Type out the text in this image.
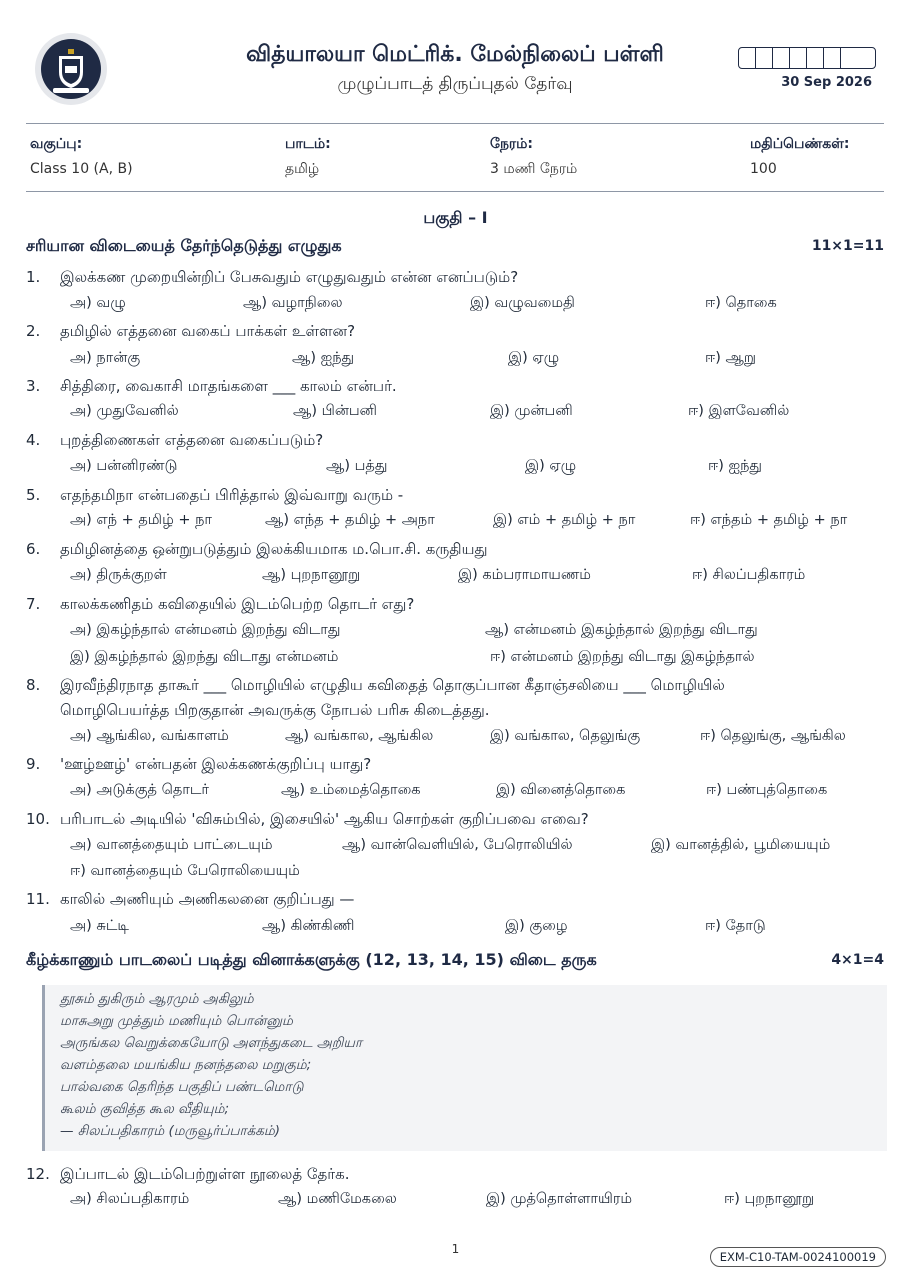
வித்யாலயா மெட்ரிக். மேல்நிலைப் பள்ளி
முழுப்பாடத் திருப்புதல் தேர்வு	30 Sep 2026
வகுப்பு:
Class 10 (A, B)
பாடம்:
தமிழ்
நேரம்:
3 மணி நேரம்
மதிப்பெண்கள்:
100
பகுதி – I
சரியான விடையைத் தேர்ந்தெடுத்து எழுதுக	11×1=11
1. இலக்கண முறையின்றிப் பேசுவதும் எழுதுவதும் என்ன எனப்படும்?
அ) வழு	ஆ) வழாநிலை	இ) வழுவமைதி	ஈ) தொகை
2. தமிழில் எத்தனை வகைப் பாக்கள் உள்ளன?
அ) நான்கு	ஆ) ஐந்து	இ) ஏழு	ஈ) ஆறு
3. சித்திரை, வைகாசி மாதங்களை ___ காலம் என்பர்.
அ) முதுவேனில்	ஆ) பின்பனி	இ) முன்பனி	ஈ) இளவேனில்
4. புறத்திணைகள் எத்தனை வகைப்படும்?
அ) பன்னிரண்டு	ஆ) பத்து	இ) ஏழு	ஈ) ஐந்து
5. எதந்தமிநா என்பதைப் பிரித்தால் இவ்வாறு வரும் -
அ) எந் + தமிழ் + நா	ஆ) எந்த + தமிழ் + அநா	இ) எம் + தமிழ் + நா	ஈ) எந்தம் + தமிழ் + நா
6. தமிழினத்தை ஒன்றுபடுத்தும் இலக்கியமாக ம.பொ.சி. கருதியது
அ) திருக்குறள்	ஆ) புறநானூறு	இ) கம்பராமாயணம்	ஈ) சிலப்பதிகாரம்
7. காலக்கணிதம் கவிதையில் இடம்பெற்ற தொடர் எது?
அ) இகழ்ந்தால் என்மனம் இறந்து விடாது	ஆ) என்மனம் இகழ்ந்தால் இறந்து விடாது
இ) இகழ்ந்தால் இறந்து விடாது என்மனம்	ஈ) என்மனம் இறந்து விடாது இகழ்ந்தால்
8. இரவீந்திரநாத தாகூர் ___ மொழியில் எழுதிய கவிதைத் தொகுப்பான கீதாஞ்சலியை ___ மொழியில்
மொழிபெயர்த்த பிறகுதான் அவருக்கு நோபல் பரிசு கிடைத்தது.
அ) ஆங்கில, வங்காளம்	ஆ) வங்கால, ஆங்கில	இ) வங்கால, தெலுங்கு	ஈ) தெலுங்கு, ஆங்கில
9. 'ஊழ்ஊழ்' என்பதன் இலக்கணக்குறிப்பு யாது?
அ) அடுக்குத் தொடர்	ஆ) உம்மைத்தொகை	இ) வினைத்தொகை	ஈ) பண்புத்தொகை
10. பரிபாடல் அடியில் 'விசும்பில், இசையில்' ஆகிய சொற்கள் குறிப்பவை எவை?
அ) வானத்தையும் பாட்டையும்	ஆ) வான்வெளியில், பேரொலியில்	இ) வானத்தில், பூமியையும்
ஈ) வானத்தையும் பேரொலியையும்
11. காலில் அணியும் அணிகலனை குறிப்பது —
அ) சுட்டி	ஆ) கிண்கிணி	இ) குழை	ஈ) தோடு
கீழ்க்காணும் பாடலைப் படித்து வினாக்களுக்கு (12, 13, 14, 15) விடை தருக	4×1=4
தூசும் துகிரும் ஆரமும் அகிலும்
மாசுஅறு முத்தும் மணியும் பொன்னும்
அருங்கல வெறுக்கையோடு அளந்துகடை அறியா
வளம்தலை மயங்கிய நனந்தலை மறுகும்;
பால்வகை தெரிந்த பகுதிப் பண்டமொடு
கூலம் குவித்த கூல வீதியும்;
— சிலப்பதிகாரம் (மருவூர்ப்பாக்கம்)
12. இப்பாடல் இடம்பெற்றுள்ள நூலைத் தேர்க.
அ) சிலப்பதிகாரம்	ஆ) மணிமேகலை	இ) முத்தொள்ளாயிரம்	ஈ) புறநானூறு
1
EXM-C10-TAM-0024100019
